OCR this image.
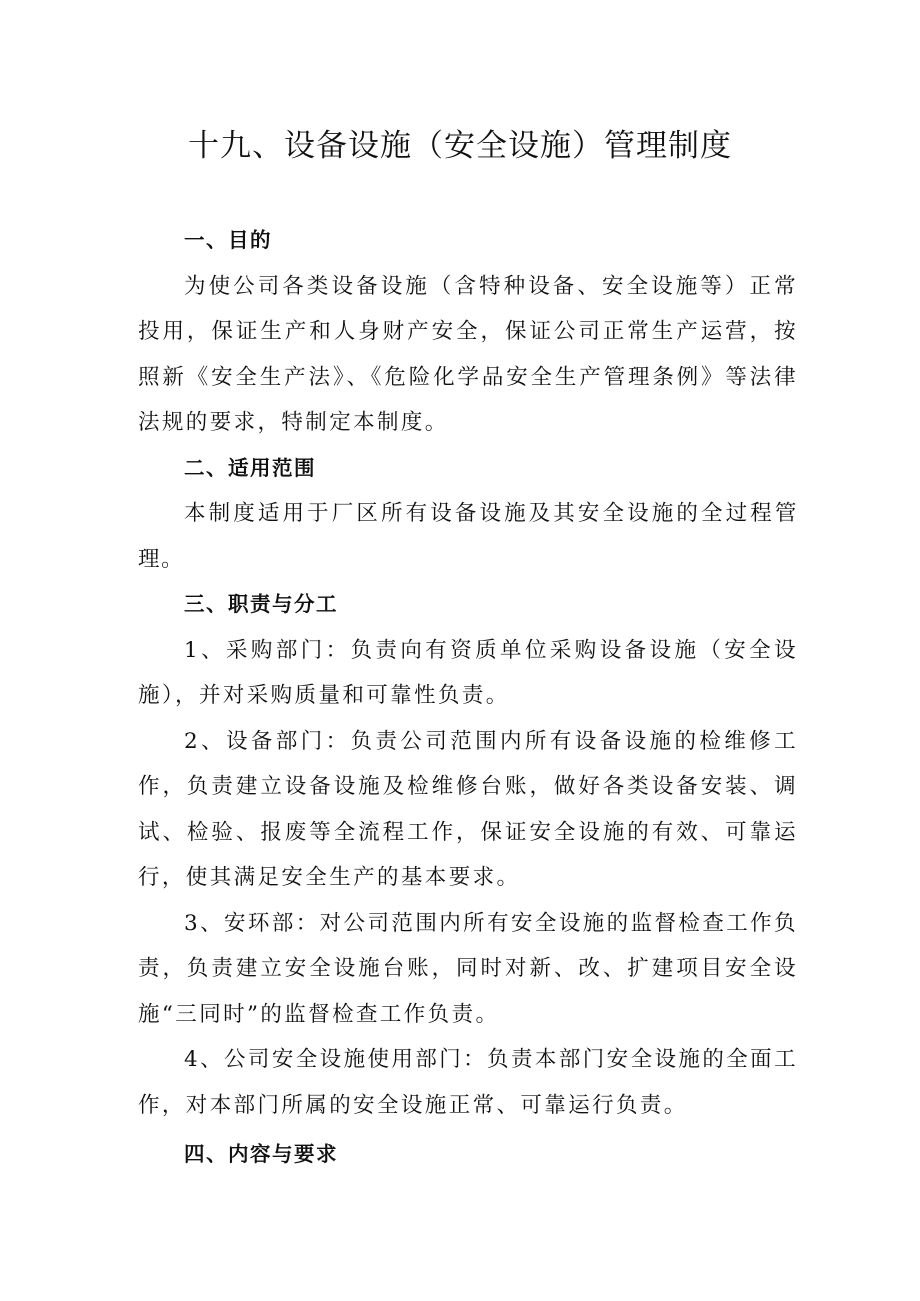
十九、设备设施（安全设施）管理制度

一、目的

为使公司各类设备设施（含特种设备、安全设施等）正常投用，保证生产和人身财产安全，保证公司正常生产运营，按照新《安全生产法》、《危险化学品安全生产管理条例》等法律法规的要求，特制定本制度。

二、适用范围

本制度适用于厂区所有设备设施及其安全设施的全过程管理。

三、职责与分工

1、采购部门：负责向有资质单位采购设备设施（安全设施），并对采购质量和可靠性负责。

2、设备部门：负责公司范围内所有设备设施的检维修工作，负责建立设备设施及检维修台账，做好各类设备安装、调试、检验、报废等全流程工作，保证安全设施的有效、可靠运行，使其满足安全生产的基本要求。

3、安环部：对公司范围内所有安全设施的监督检查工作负责，负责建立安全设施台账，同时对新、改、扩建项目安全设施“三同时”的监督检查工作负责。

4、公司安全设施使用部门：负责本部门安全设施的全面工作，对本部门所属的安全设施正常、可靠运行负责。

四、内容与要求
